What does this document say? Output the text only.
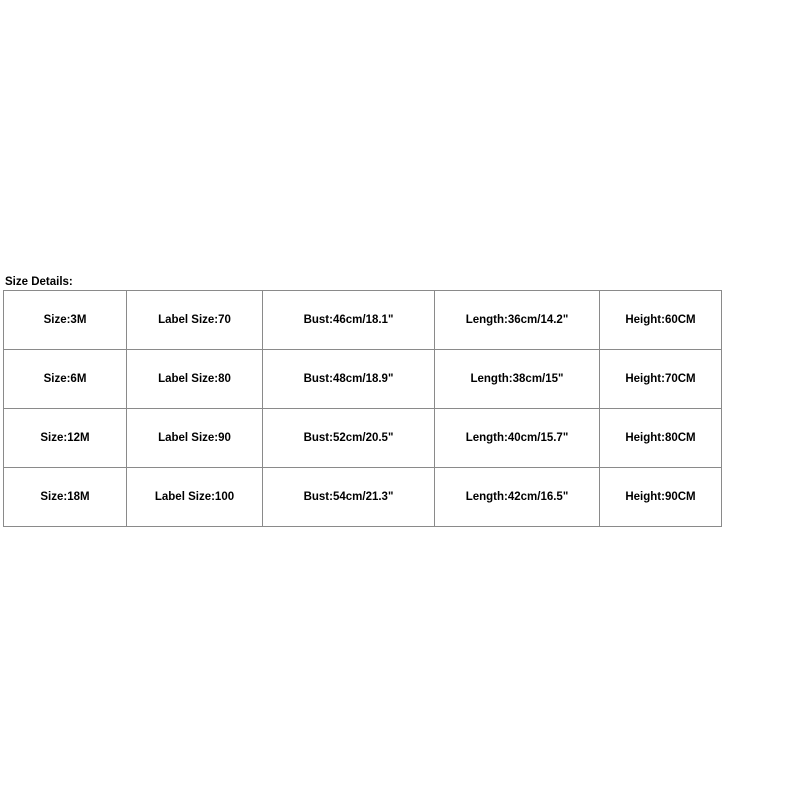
Size Details:
Size:3M	Label Size:70	Bust:46cm/18.1"	Length:36cm/14.2"	Height:60CM
Size:6M	Label Size:80	Bust:48cm/18.9"	Length:38cm/15"	Height:70CM
Size:12M	Label Size:90	Bust:52cm/20.5"	Length:40cm/15.7"	Height:80CM
Size:18M	Label Size:100	Bust:54cm/21.3"	Length:42cm/16.5"	Height:90CM
